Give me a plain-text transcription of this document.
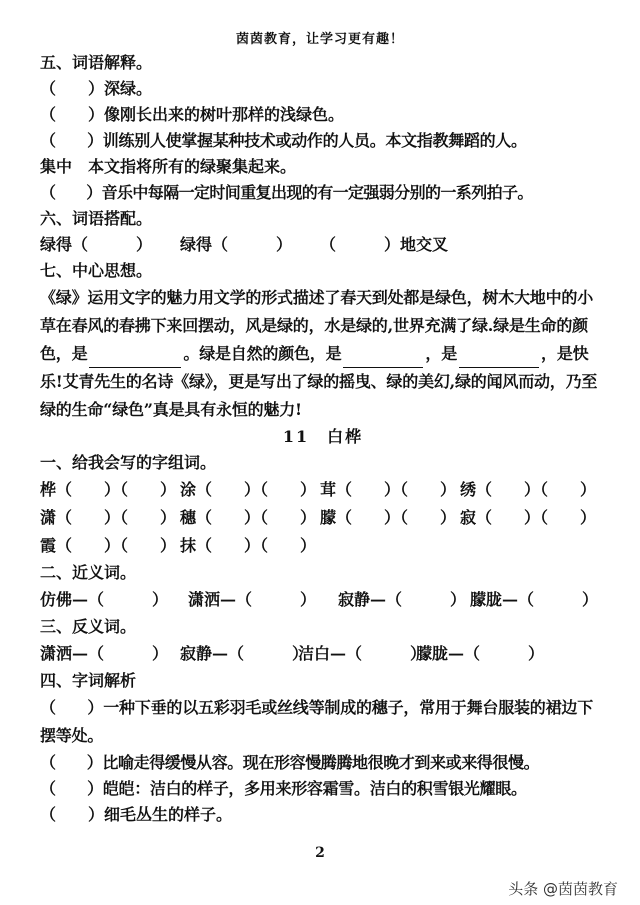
茵茵教育，让学习更有趣！
五、词语解释。
（　　）深绿。
（　　）像刚长出来的树叶那样的浅绿色。
（　　）训练别人使掌握某种技术或动作的人员。本文指教舞蹈的人。
集中　本文指将所有的绿聚集起来。
（　　）音乐中每隔一定时间重复出现的有一定强弱分别的一系列拍子。
六、词语搭配。
绿得（　　　） 绿得（　　　） （　　　）地交叉
七、中心思想。
《绿》运用文字的魅力用文学的形式描述了春天到处都是绿色，树木大地中的小草在春风的春拂下来回摆动，风是绿的，水是绿的,世界充满了绿.绿是生命的颜色，是	。绿是自然的颜色，是	，是	，是快乐!艾青先生的名诗《绿》，更是写出了绿的摇曳、绿的美幻,绿的闻风而动，乃至绿的生命“绿色”真是具有永恒的魅力!
11　 白桦
一、给我会写的字组词。
桦（　　）（　　） 涂（　　）（　　） 茸（　　）（　　） 绣（　　）（　　）
潇（　　）（　　） 穗（　　）（　　） 朦（　　）（　　） 寂（　　）（　　）
霞（　　）（　　） 抹（　　）（　　）
二、近义词。
仿佛—（　　　） 潇洒—（　　　） 寂静—（　　　） 朦胧—（　　　）
三、反义词。
潇洒—（　　　） 寂静—（　　　）
洁白—（　　　）
朦胧—（　　　）
四、字词解析
（　　）一种下垂的以五彩羽毛或丝线等制成的穗子，常用于舞台服装的裙边下摆等处。
（　　）比喻走得缓慢从容。现在形容慢腾腾地很晚才到来或来得很慢。
（　　）皑皑：洁白的样子，多用来形容霜雪。洁白的积雪银光耀眼。
（　　）细毛丛生的样子。
2
头条 @茵茵教育
